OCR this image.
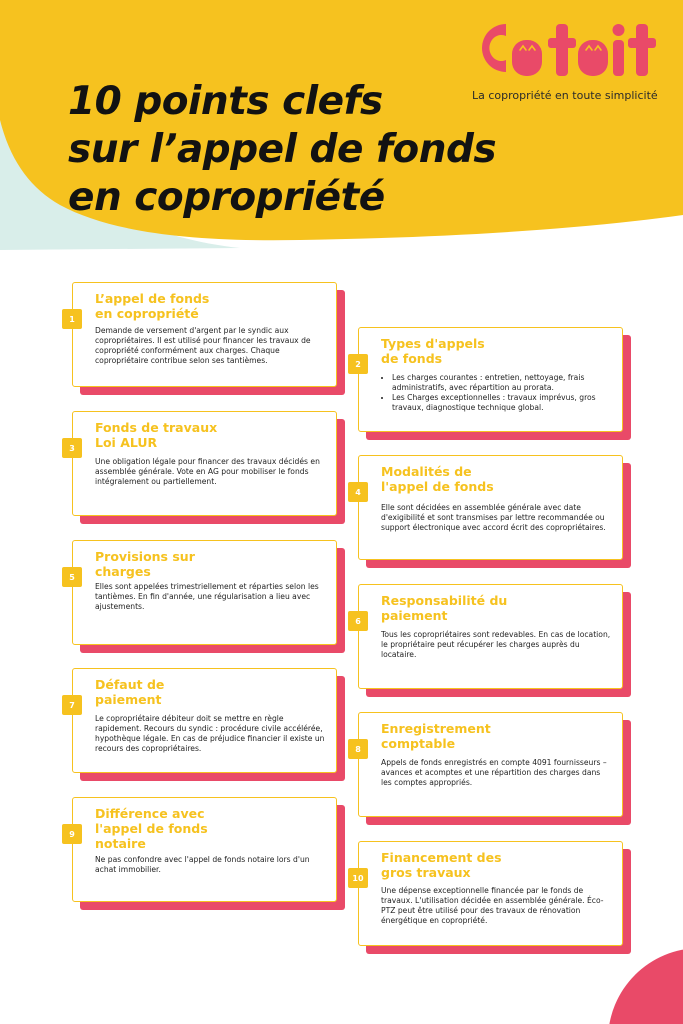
La copropriété en toute simplicité
10 points clefs
sur l’appel de fonds
en copropriété
1
L’appel de fonds
en copropriété

Demande de versement d'argent par le syndic aux copropriétaires. Il est utilisé pour financer les travaux de copropriété conformément aux charges. Chaque copropriétaire contribue selon ses tantièmes.	2
Types d'appels
de fonds
• Les charges courantes : entretien, nettoyage, frais administratifs, avec répartition au prorata.
• Les Charges exceptionnelles : travaux imprévus, gros travaux, diagnostique technique global.
3
Fonds de travaux
Loi ALUR

Une obligation légale pour financer des travaux décidés en assemblée générale. Vote en AG pour mobiliser le fonds intégralement ou partiellement.

4
Modalités de
l'appel de fonds

Elle sont décidées en assemblée générale avec date d'exigibilité et sont transmises par lettre recommandée ou support électronique avec accord écrit des copropriétaires.

5
Provisions sur
charges

Elles sont appelées trimestriellement et réparties selon les tantièmes. En fin d'année, une régularisation a lieu avec ajustements.

6
Responsabilité du
paiement

Tous les copropriétaires sont redevables. En cas de location, le propriétaire peut récupérer les charges auprès du locataire.

7
Défaut de
paiement

Le copropriétaire débiteur doit se mettre en règle rapidement. Recours du syndic : procédure civile accélérée, hypothèque légale. En cas de préjudice financier il existe un recours des copropriétaires.	8
Enregistrement
comptable

Appels de fonds enregistrés en compte 4091 fournisseurs – avances et acomptes et une répartition des charges dans les comptes appropriés.

9
Différence avec
l'appel de fonds
notaire

Ne pas confondre avec l'appel de fonds notaire lors d'un achat immobilier.

10
Financement des
gros travaux

Une dépense exceptionnelle financée par le fonds de travaux. L'utilisation décidée en assemblée générale. Éco-PTZ peut être utilisé pour des travaux de rénovation énergétique en copropriété.
